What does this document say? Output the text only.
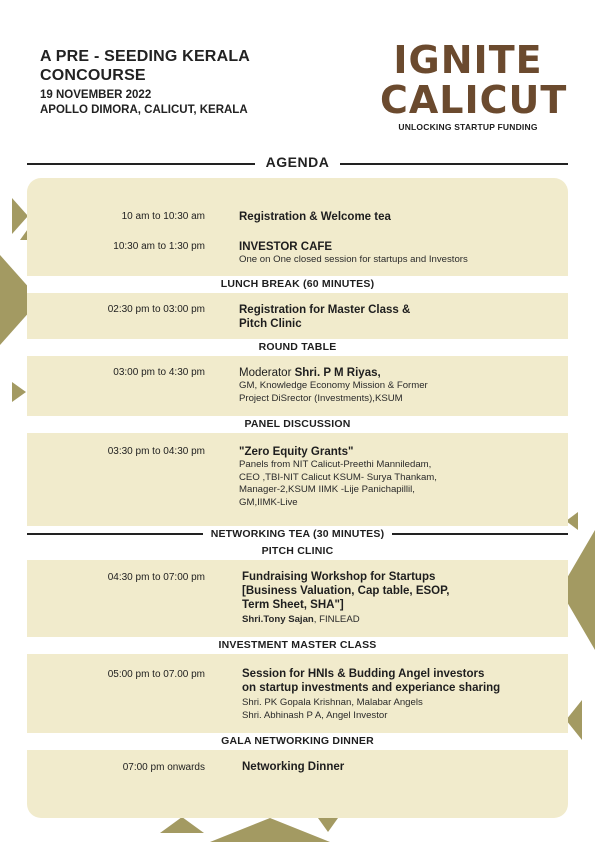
A PRE - SEEDING KERALA
CONCOURSE
19 NOVEMBER 2022
APOLLO DIMORA, CALICUT, KERALA
IGNITE
CALICUT
UNLOCKING STARTUP FUNDING
AGENDA
10 am to 10:30 am	Registration & Welcome tea
10:30 am to 1:30 pm	INVESTOR CAFE
One on One closed session for startups and Investors
LUNCH BREAK (60 MINUTES)
02:30 pm to 03:00 pm	Registration for Master Class &
Pitch Clinic
ROUND TABLE
03:00 pm to 4:30 pm	Moderator Shri. P M Riyas,
GM, Knowledge Economy Mission & Former
Project DiSrector (Investments),KSUM
PANEL DISCUSSION
03:30 pm to 04:30 pm	"Zero Equity Grants"
Panels from NIT Calicut-Preethi Manniledam,
CEO ,TBI-NIT Calicut KSUM- Surya Thankam,
Manager-2,KSUM IIMK -Lije Panichapillil,
GM,IIMK-Live
NETWORKING TEA (30 MINUTES)
PITCH CLINIC
04:30 pm to 07:00 pm	Fundraising Workshop for Startups
[Business Valuation, Cap table, ESOP,
Term Sheet, SHA"]
Shri.Tony Sajan, FINLEAD
INVESTMENT MASTER CLASS
05:00 pm to 07.00 pm	Session for HNIs & Budding Angel investors
on startup investments and experiance sharing
Shri. PK Gopala Krishnan, Malabar Angels
Shri. Abhinash P A, Angel Investor
GALA NETWORKING DINNER
07:00 pm onwards	Networking Dinner
